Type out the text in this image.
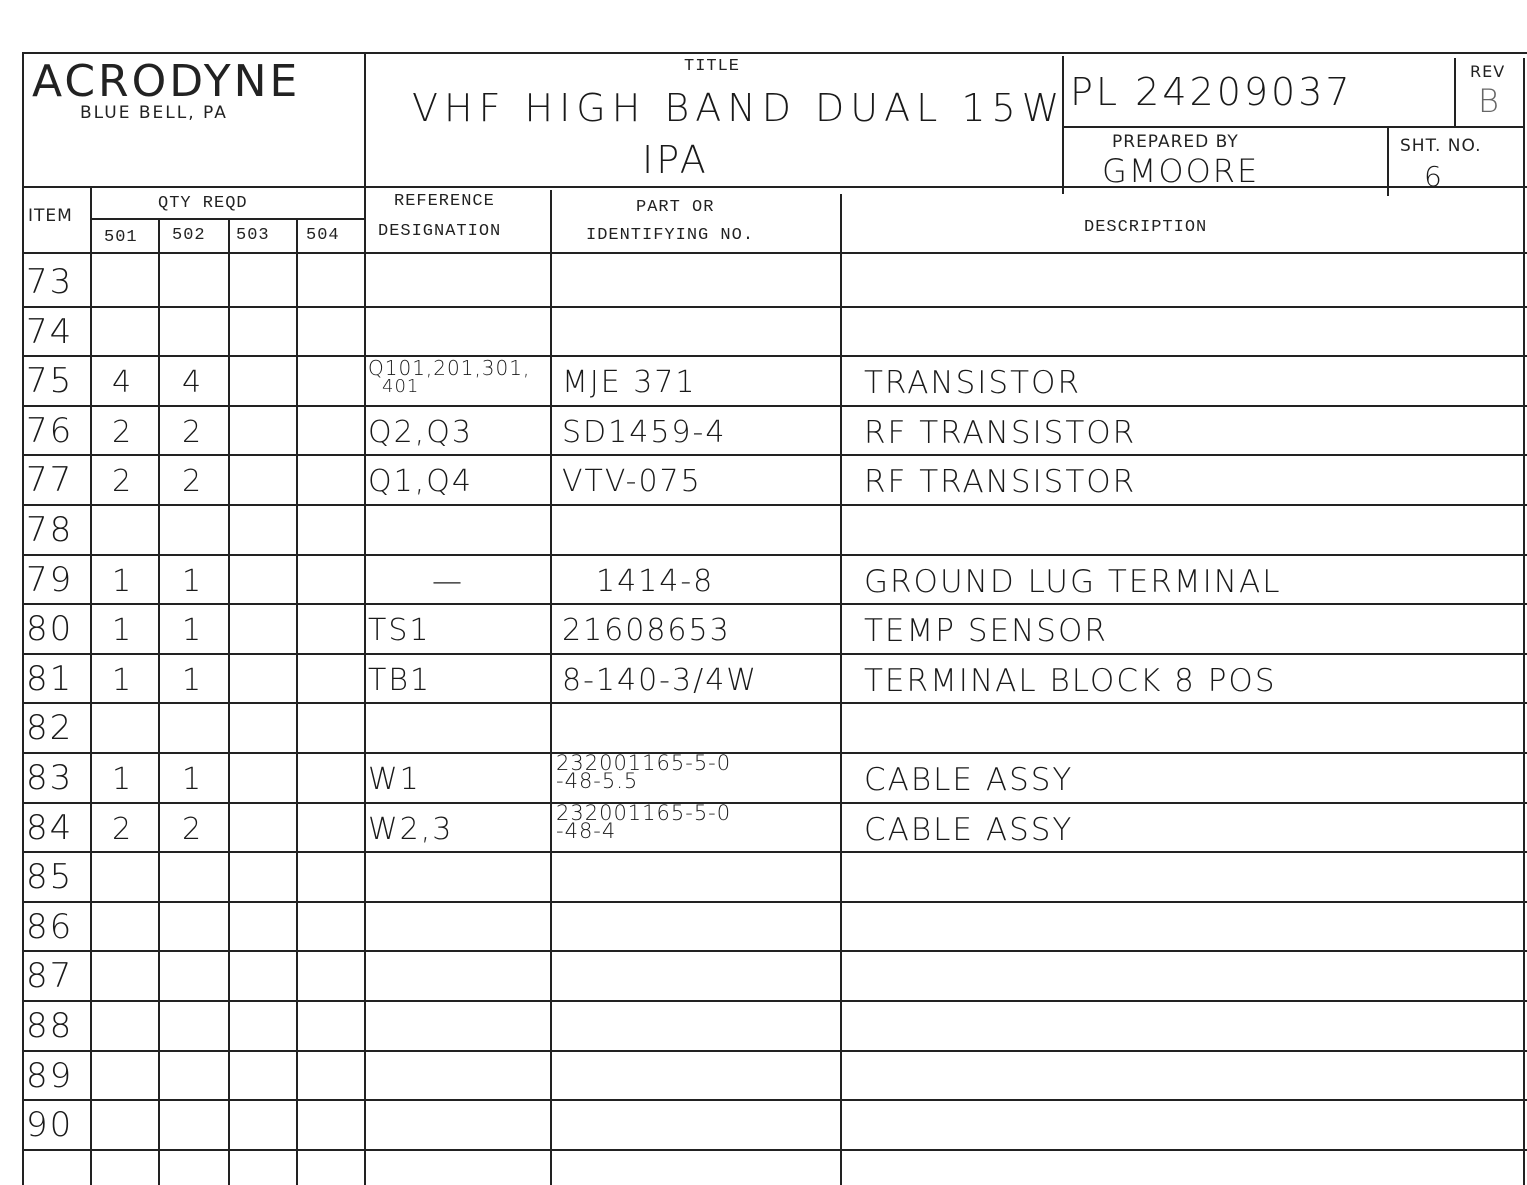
ACRODYNE
BLUE BELL, PA
TITLE
VHF HIGH BAND DUAL 15W
IPA
PL 24209037	REV
B
PREPARED BY
GMOORE
SHT. NO.
6
ITEM
QTY REQD
501 502 503 504
REFERENCE
DESIGNATION
PART OR
IDENTIFYING NO.	DESCRIPTION
73
74
75 4 4	Q101,201,301,
401	MJE 371	TRANSISTOR
76 2 2	Q2,Q3	SD1459-4	RF TRANSISTOR
77 2 2	Q1,Q4	VTV-075	RF TRANSISTOR
78
79 1 1	—	1414-8	GROUND LUG TERMINAL
80 1 1	TS1	21608653	TEMP SENSOR
81 1 1	TB1	8-140-3/4W	TERMINAL BLOCK 8 POS
82
83 1 1	W1	232001165-5-0
-48-5.5	CABLE ASSY
84 2 2	W2,3	232001165-5-0
-48-4	CABLE ASSY
85
86
87
88
89
90
